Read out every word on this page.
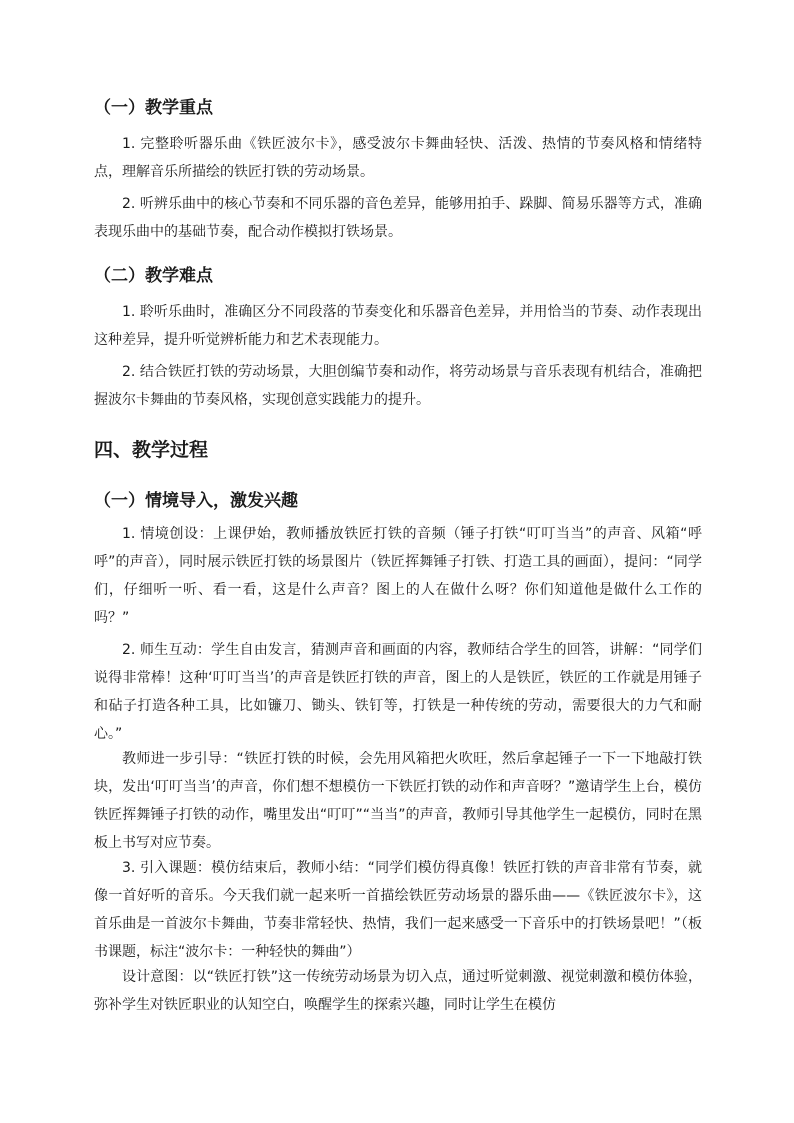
（一）教学重点

1. 完整聆听器乐曲《铁匠波尔卡》，感受波尔卡舞曲轻快、活泼、热情的节奏风格和情绪特点，理解音乐所描绘的铁匠打铁的劳动场景。

2. 听辨乐曲中的核心节奏和不同乐器的音色差异，能够用拍手、跺脚、简易乐器等方式，准确表现乐曲中的基础节奏，配合动作模拟打铁场景。

（二）教学难点

1. 聆听乐曲时，准确区分不同段落的节奏变化和乐器音色差异，并用恰当的节奏、动作表现出这种差异，提升听觉辨析能力和艺术表现能力。

2. 结合铁匠打铁的劳动场景，大胆创编节奏和动作，将劳动场景与音乐表现有机结合，准确把握波尔卡舞曲的节奏风格，实现创意实践能力的提升。

四、教学过程
（一）情境导入，激发兴趣

1. 情境创设：上课伊始，教师播放铁匠打铁的音频（锤子打铁“叮叮当当”的声音、风箱“呼呼”的声音），同时展示铁匠打铁的场景图片（铁匠挥舞锤子打铁、打造工具的画面），提问：“同学们，仔细听一听、看一看，这是什么声音？图上的人在做什么呀？你们知道他是做什么工作的吗？”

2. 师生互动：学生自由发言，猜测声音和画面的内容，教师结合学生的回答，讲解：“同学们说得非常棒！这种‘叮叮当当’的声音是铁匠打铁的声音，图上的人是铁匠，铁匠的工作就是用锤子和砧子打造各种工具，比如镰刀、锄头、铁钉等，打铁是一种传统的劳动，需要很大的力气和耐心。”

教师进一步引导：“铁匠打铁的时候，会先用风箱把火吹旺，然后拿起锤子一下一下地敲打铁块，发出‘叮叮当当’的声音，你们想不想模仿一下铁匠打铁的动作和声音呀？”邀请学生上台，模仿铁匠挥舞锤子打铁的动作，嘴里发出“叮叮”“当当”的声音，教师引导其他学生一起模仿，同时在黑板上书写对应节奏。

3. 引入课题：模仿结束后，教师小结：“同学们模仿得真像！铁匠打铁的声音非常有节奏，就像一首好听的音乐。今天我们就一起来听一首描绘铁匠劳动场景的器乐曲——《铁匠波尔卡》，这首乐曲是一首波尔卡舞曲，节奏非常轻快、热情，我们一起来感受一下音乐中的打铁场景吧！”（板书课题，标注“波尔卡：一种轻快的舞曲”）

设计意图：以“铁匠打铁”这一传统劳动场景为切入点，通过听觉刺激、视觉刺激和模仿体验，弥补学生对铁匠职业的认知空白，唤醒学生的探索兴趣，同时让学生在模仿
